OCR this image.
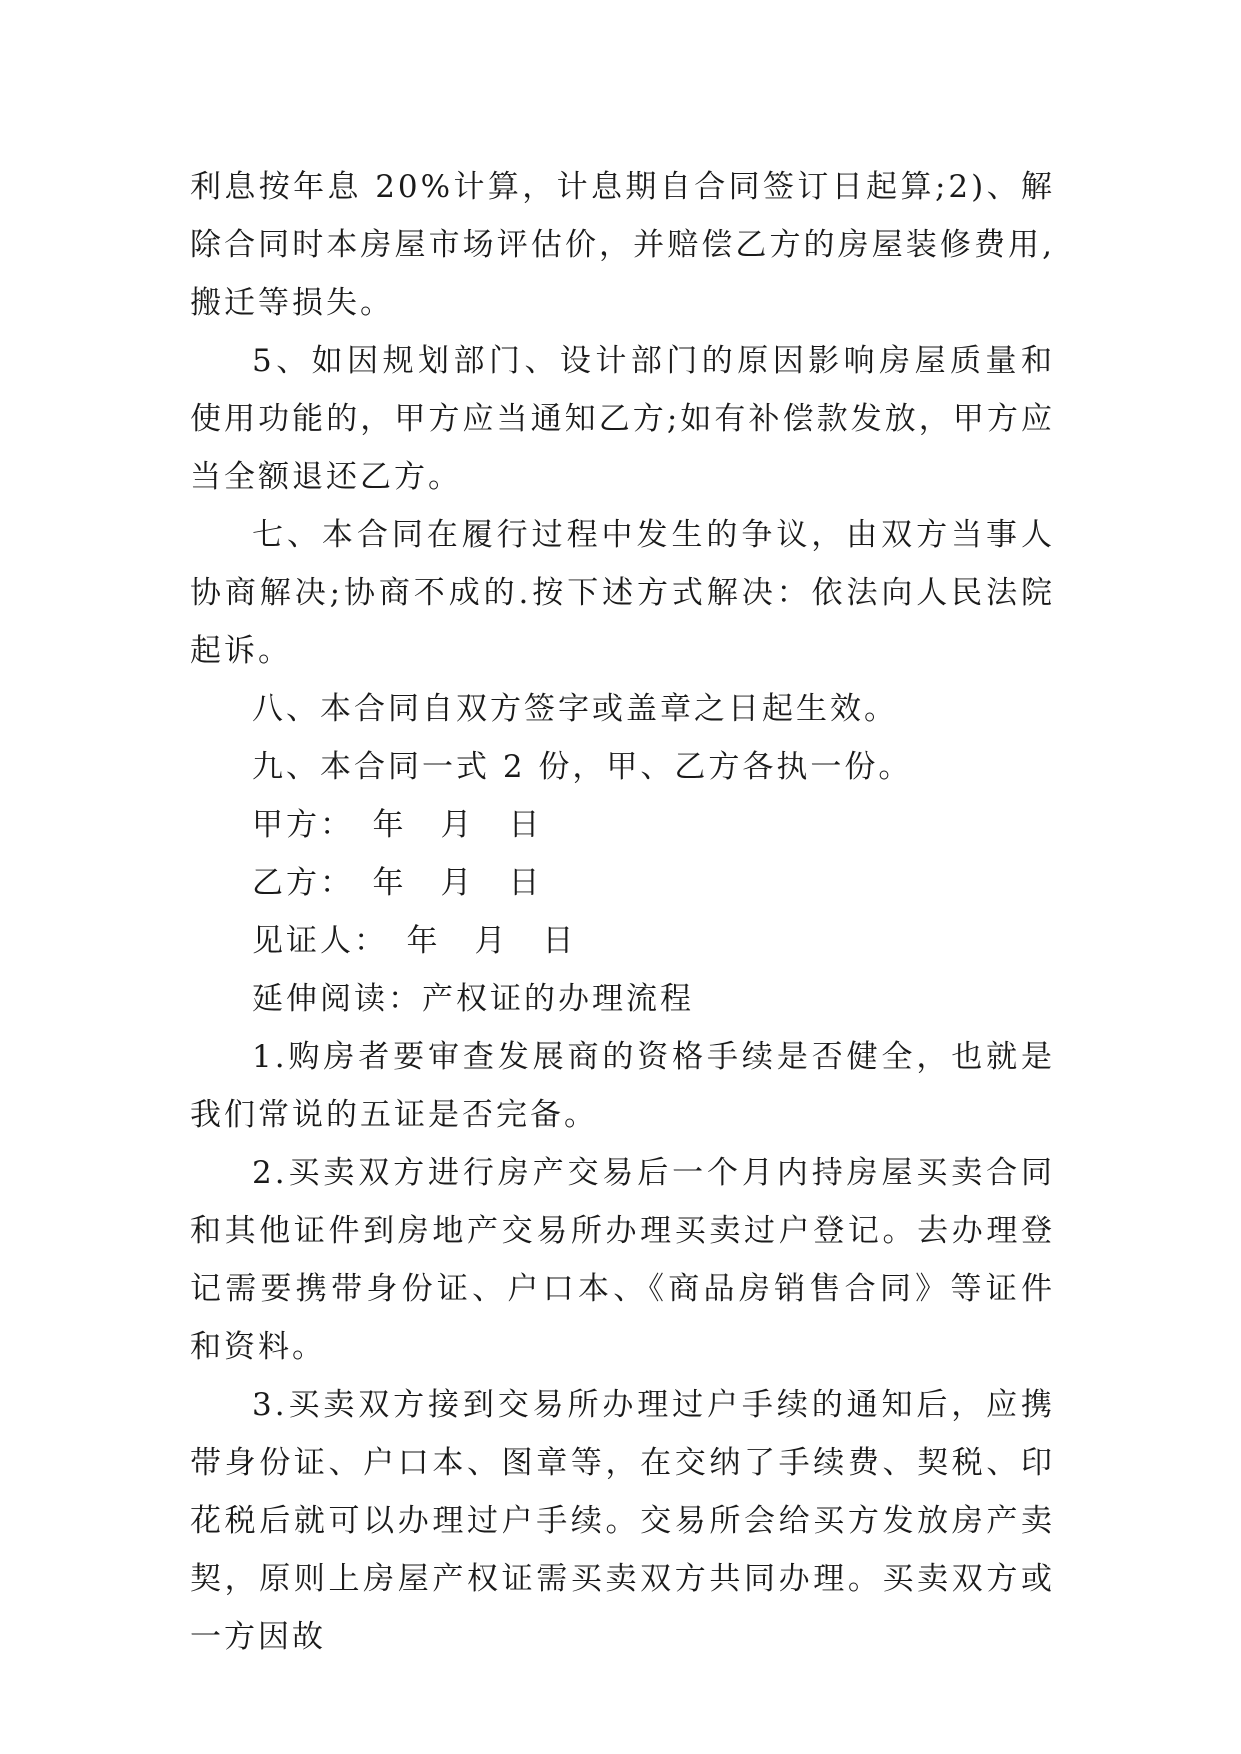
利息按年息 20%计算，计息期自合同签订日起算;2)、解除合同时本房屋市场评估价，并赔偿乙方的房屋装修费用,搬迁等损失。

5、如因规划部门、设计部门的原因影响房屋质量和使用功能的，甲方应当通知乙方;如有补偿款发放，甲方应当全额退还乙方。

七、本合同在履行过程中发生的争议，由双方当事人协商解决;协商不成的.按下述方式解决：依法向人民法院起诉。

八、本合同自双方签字或盖章之日起生效。

九、本合同一式 2 份，甲、乙方各执一份。

甲方：　年　月　日

乙方：　年　月　日

见证人：　年　月　日

延伸阅读：产权证的办理流程

1.购房者要审查发展商的资格手续是否健全，也就是我们常说的五证是否完备。

2.买卖双方进行房产交易后一个月内持房屋买卖合同和其他证件到房地产交易所办理买卖过户登记。去办理登记需要携带身份证、户口本、《商品房销售合同》等证件和资料。

3.买卖双方接到交易所办理过户手续的通知后，应携带身份证、户口本、图章等，在交纳了手续费、契税、印花税后就可以办理过户手续。交易所会给买方发放房产卖契，原则上房屋产权证需买卖双方共同办理。买卖双方或一方因故
